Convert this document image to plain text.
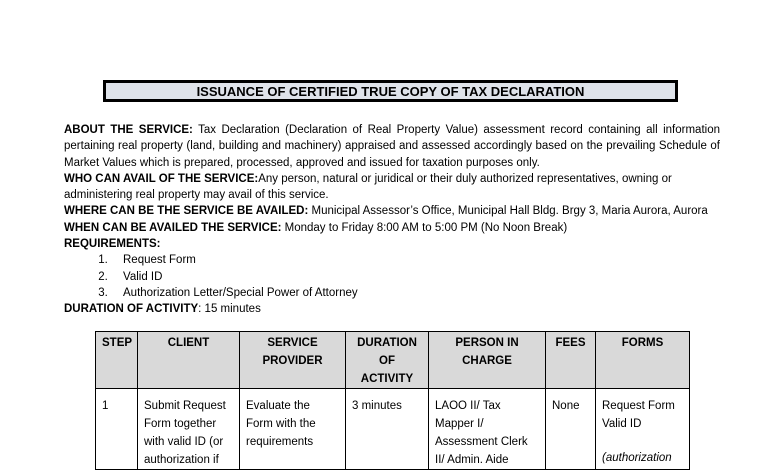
ISSUANCE OF CERTIFIED TRUE COPY OF TAX DECLARATION

ABOUT THE SERVICE: Tax Declaration (Declaration of Real Property Value) assessment record containing all information pertaining real property (land, building and machinery) appraised and assessed accordingly based on the prevailing Schedule of Market Values which is prepared, processed, approved and issued for taxation purposes only.

WHO CAN AVAIL OF THE SERVICE:Any person, natural or juridical or their duly authorized representatives, owning or administering real property may avail of this service.

WHERE CAN BE THE SERVICE BE AVAILED: Municipal Assessor’s Office, Municipal Hall Bldg. Brgy 3, Maria Aurora, Aurora

WHEN CAN BE AVAILED THE SERVICE: Monday to Friday 8:00 AM to 5:00 PM (No Noon Break)

REQUIREMENTS:

1. Request Form
2. Valid ID
3. Authorization Letter/Special Power of Attorney

DURATION OF ACTIVITY: 15 minutes

STEP	CLIENT	SERVICE PROVIDER	DURATION OF ACTIVITY	PERSON IN CHARGE	FEES	FORMS
1	Submit Request Form together with valid ID (or authorization if	Evaluate the Form with the requirements	3 minutes	LAOO II/ Tax Mapper I/ Assessment Clerk II/ Admin. Aide	None	Request Form
Valid ID
(authorization
